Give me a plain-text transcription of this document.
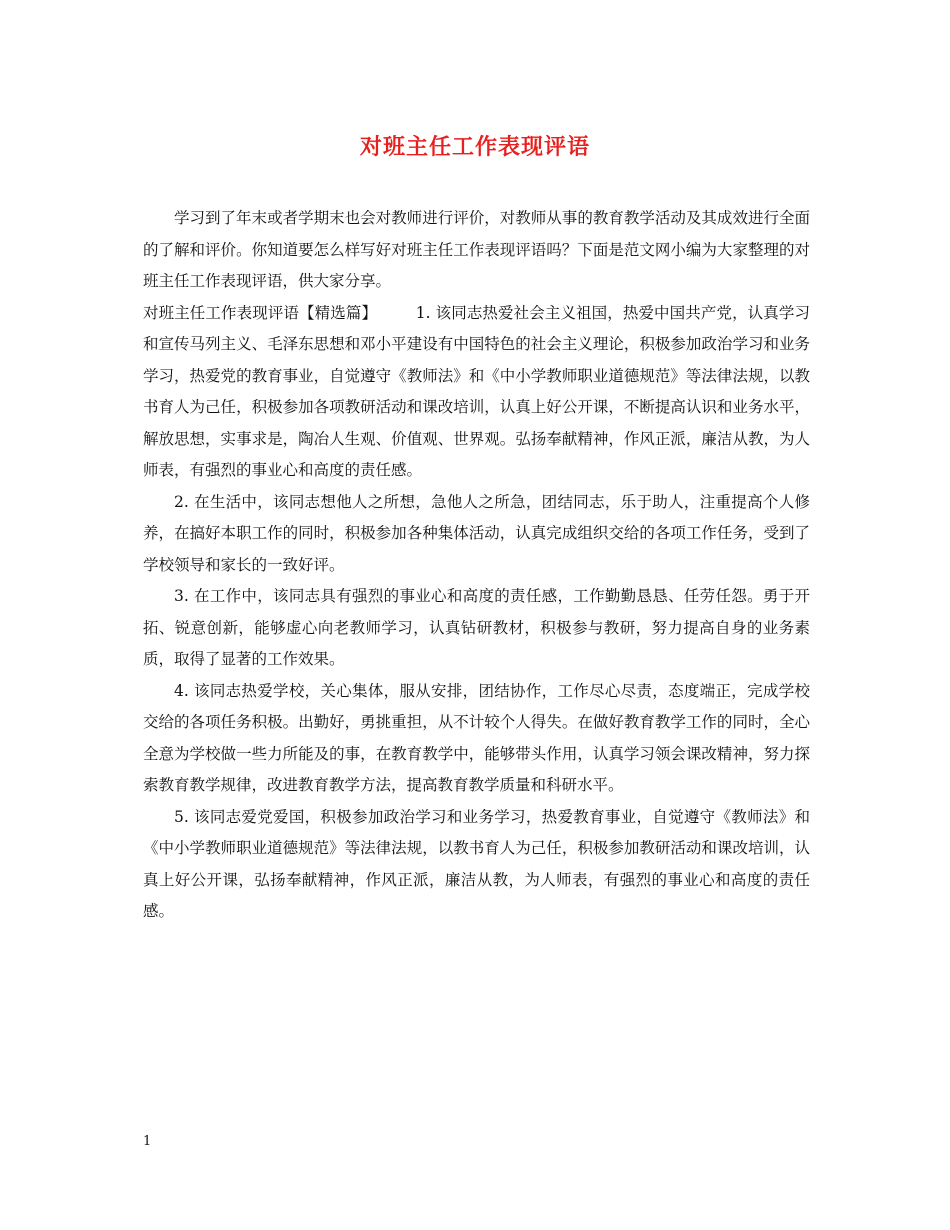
对班主任工作表现评语

学习到了年末或者学期末也会对教师进行评价，对教师从事的教育教学活动及其成效进行全面的了解和评价。你知道要怎么样写好对班主任工作表现评语吗？下面是范文网小编为大家整理的对班主任工作表现评语，供大家分享。

对班主任工作表现评语【精选篇】   	1. 该同志热爱社会主义祖国，热爱中国共产党，认真学习和宣传马列主义、毛泽东思想和邓小平建设有中国特色的社会主义理论，积极参加政治学习和业务学习，热爱党的教育事业，自觉遵守《教师法》和《中小学教师职业道德规范》等法律法规，以教书育人为己任，积极参加各项教研活动和课改培训，认真上好公开课，不断提高认识和业务水平，解放思想，实事求是，陶冶人生观、价值观、世界观。弘扬奉献精神，作风正派，廉洁从教，为人师表，有强烈的事业心和高度的责任感。

2. 在生活中，该同志想他人之所想，急他人之所急，团结同志，乐于助人，注重提高个人修养，在搞好本职工作的同时，积极参加各种集体活动，认真完成组织交给的各项工作任务，受到了学校领导和家长的一致好评。

3. 在工作中，该同志具有强烈的事业心和高度的责任感，工作勤勤恳恳、任劳任怨。勇于开拓、锐意创新，能够虚心向老教师学习，认真钻研教材，积极参与教研，努力提高自身的业务素质，取得了显著的工作效果。

4. 该同志热爱学校，关心集体，服从安排，团结协作，工作尽心尽责，态度端正，完成学校交给的各项任务积极。出勤好，勇挑重担，从不计较个人得失。在做好教育教学工作的同时，全心全意为学校做一些力所能及的事，在教育教学中，能够带头作用，认真学习领会课改精神，努力探索教育教学规律，改进教育教学方法，提高教育教学质量和科研水平。

5. 该同志爱党爱国，积极参加政治学习和业务学习，热爱教育事业，自觉遵守《教师法》和《中小学教师职业道德规范》等法律法规，以教书育人为己任，积极参加教研活动和课改培训，认真上好公开课，弘扬奉献精神，作风正派，廉洁从教，为人师表，有强烈的事业心和高度的责任感。

1
